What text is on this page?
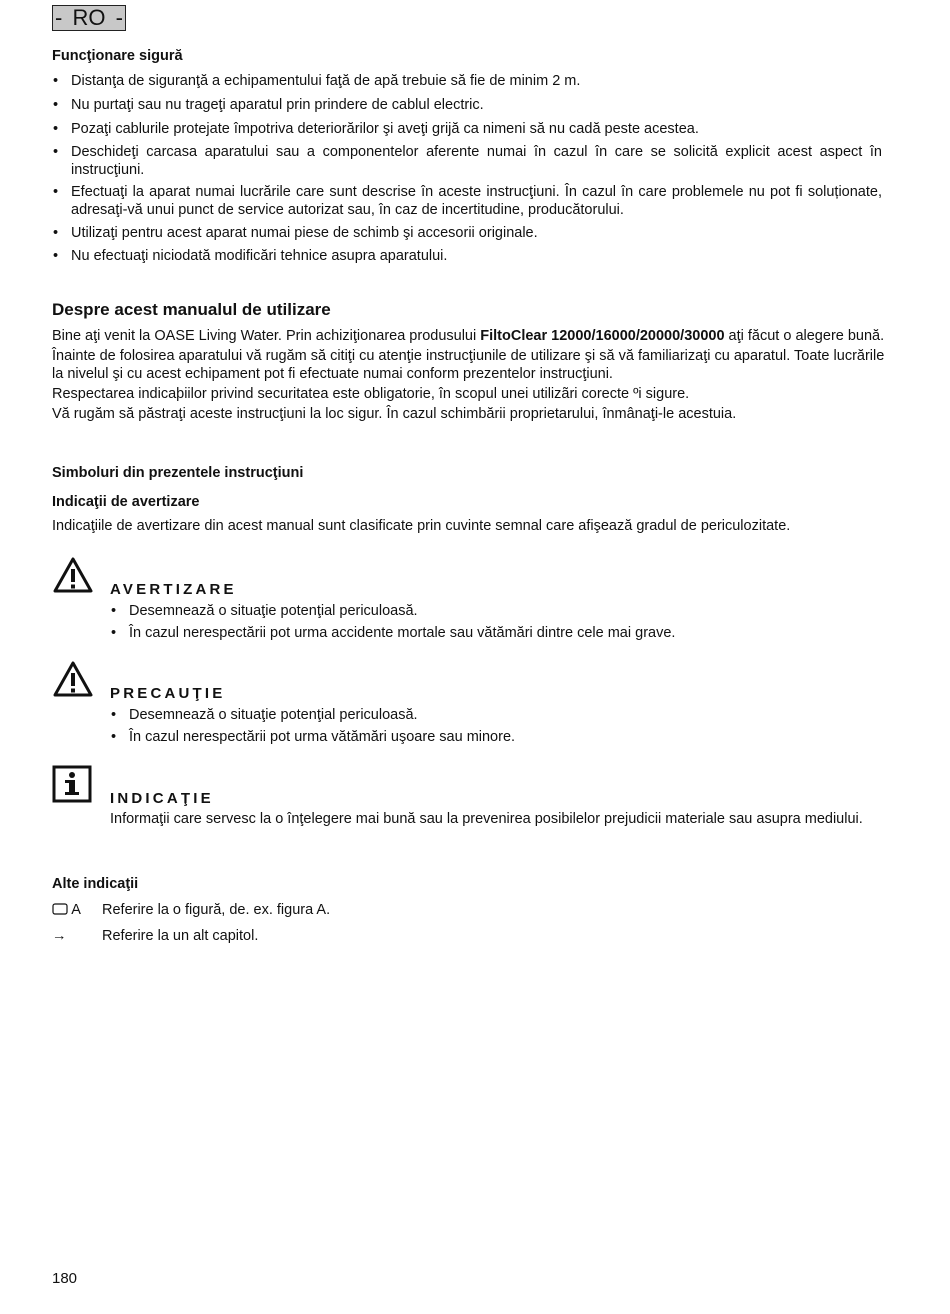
- RO -
Funcţionare sigură
• Distanţa de siguranţă a echipamentului faţă de apă trebuie să fie de minim 2 m.
• Nu purtaţi sau nu trageţi aparatul prin prindere de cablul electric.
• Pozaţi cablurile protejate împotriva deteriorărilor şi aveţi grijă ca nimeni să nu cadă peste acestea.
• Deschideţi carcasa aparatului sau a componentelor aferente numai în cazul în care se solicită explicit acest aspect în instrucţiuni.
• Efectuaţi la aparat numai lucrările care sunt descrise în aceste instrucţiuni. În cazul în care problemele nu pot fi soluționate, adresaţi-vă unui punct de service autorizat sau, în caz de incertitudine, producătorului.
• Utilizaţi pentru acest aparat numai piese de schimb şi accesorii originale.
• Nu efectuaţi niciodată modificări tehnice asupra aparatului.
Despre acest manualul de utilizare
Bine aţi venit la OASE Living Water. Prin achiziţionarea produsului FiltoClear 12000/16000/20000/30000 aţi făcut o alegere bună.
Înainte de folosirea aparatului vă rugăm să citiţi cu atenţie instrucţiunile de utilizare şi să vă familiarizaţi cu aparatul. Toate lucrările la nivelul şi cu acest echipament pot fi efectuate numai conform prezentelor instrucţiuni.
Respectarea indicaþiilor privind securitatea este obligatorie, în scopul unei utilizãri corecte ºi sigure.
Vă rugăm să păstraţi aceste instrucţiuni la loc sigur. În cazul schimbării proprietarului, înmânaţi-le acestuia.
Simboluri din prezentele instrucţiuni
Indicaţii de avertizare
Indicaţiile de avertizare din acest manual sunt clasificate prin cuvinte semnal care afişează gradul de periculozitate.
AVERTIZARE
• Desemnează o situaţie potenţial periculoasă.
• În cazul nerespectării pot urma accidente mortale sau vătămări dintre cele mai grave.
PRECAUŢIE
• Desemnează o situaţie potenţial periculoasă.
• În cazul nerespectării pot urma vătămări uşoare sau minore.
INDICAŢIE
Informaţii care servesc la o înţelegere mai bună sau la prevenirea posibilelor prejudicii materiale sau asupra mediului.
Alte indicaţii
A Referire la o figură, de. ex. figura A.
→ Referire la un alt capitol.
180
